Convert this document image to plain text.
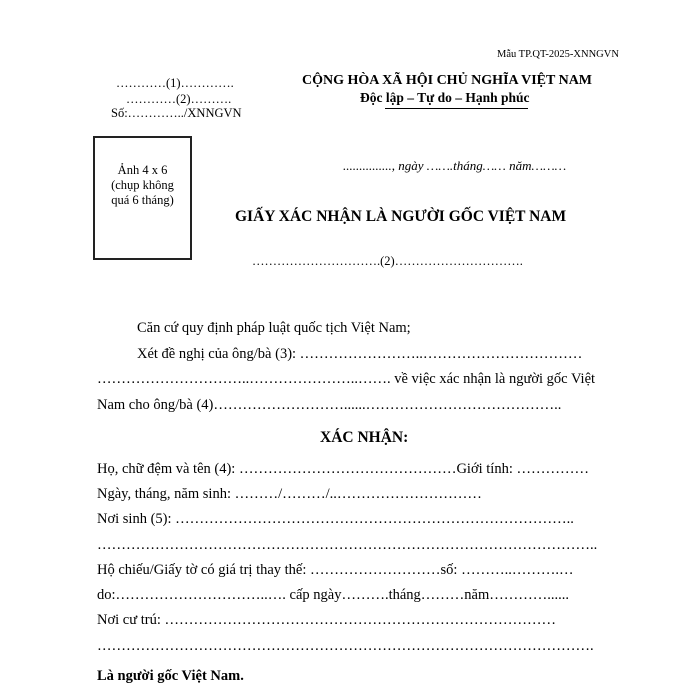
Mẫu TP.QT-2025-XNNGVN
…………(1)………….
…………(2)……….
Số:…………../XNNGVN
CỘNG HÒA XÃ HỘI CHỦ NGHĨA VIỆT NAM
Độc lập – Tự do – Hạnh phúc
Ảnh 4 x 6
(chụp không
quá 6 tháng)
..............., ngày …….tháng…… năm………
GIẤY XÁC NHẬN LÀ NGƯỜI GỐC VIỆT NAM
………………………….(2)………………………….
Căn cứ quy định pháp luật quốc tịch Việt Nam;
Xét đề nghị của ông/bà (3): ……………………..……………………………
…………………………..…………………..……. về việc xác nhận là người gốc Việt
Nam cho ông/bà (4)………………………......…………………………………..
XÁC NHẬN:
Họ, chữ đệm và tên (4): ………………………………………Giới tính: ……………
Ngày, tháng, năm sinh: ………/………/..…………………………
Nơi sinh (5): ………………………………………………………………………..
…………………………………………………………………………………………..
Hộ chiếu/Giấy tờ có giá trị thay thế: ………………………số: ………..……….…
do:…………………………..…. cấp ngày……….tháng………năm…………......
Nơi cư trú: ………………………………………………………………………
………………………………………………………………………………………….
Là người gốc Việt Nam.
